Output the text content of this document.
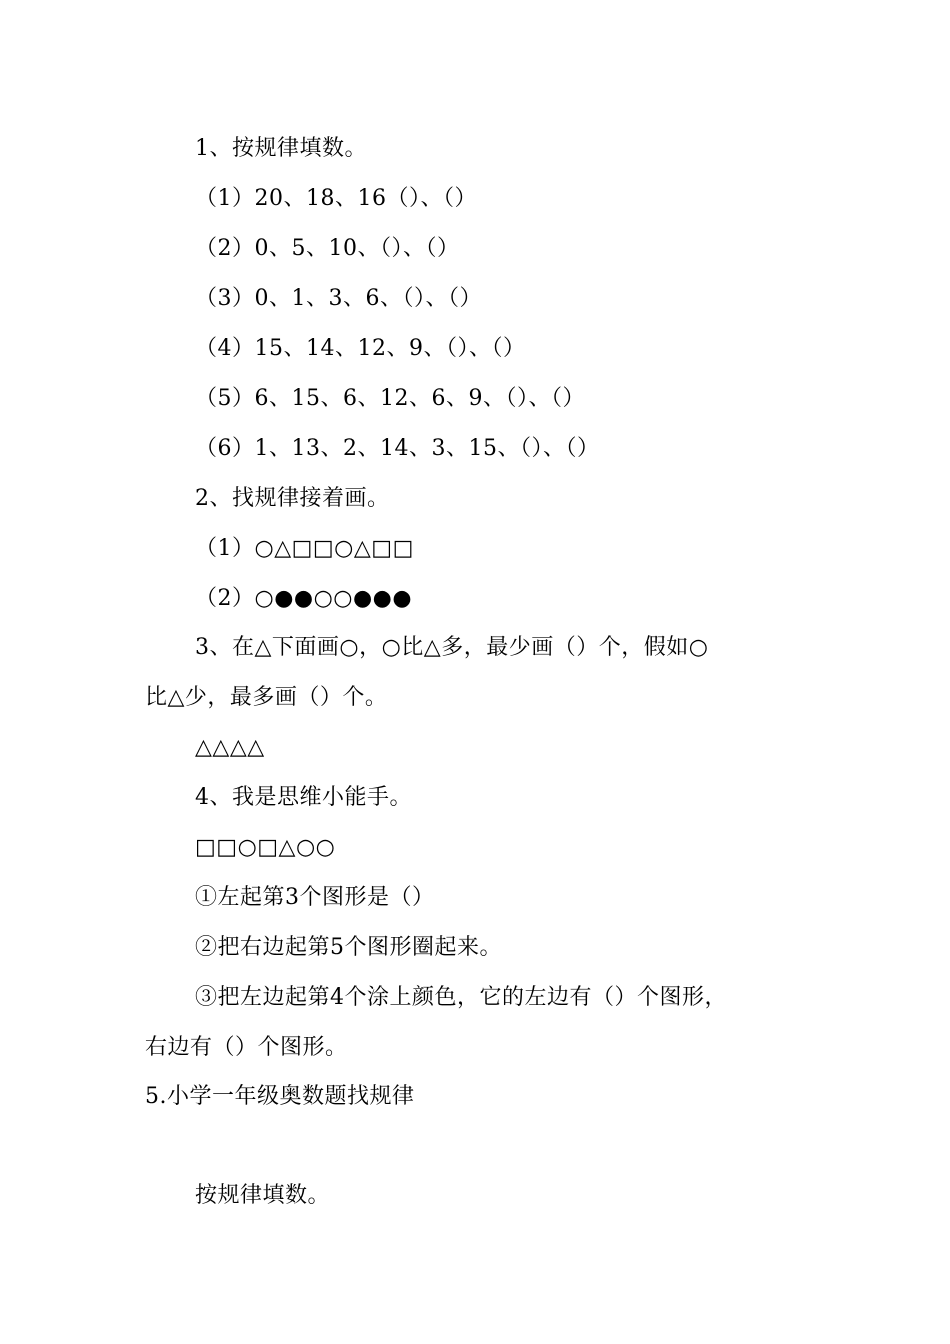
1、按规律填数。
（1）20、18、16（）、（）
（2）0、5、10、（）、（）
（3）0、1、3、6、（）、（）
（4）15、14、12、9、（）、（）
（5）6、15、6、12、6、9、（）、（）
（6）1、13、2、14、3、15、（）、（）
2、找规律接着画。
（1）○△□□○△□□
（2）○●●○○●●●
3、在△下面画○，○比△多，最少画（）个，假如○
比△少，最多画（）个。
△△△△
4、我是思维小能手。
□□○□△○○
①左起第3个图形是（）
②把右边起第5个图形圈起来。
③把左边起第4个涂上颜色，它的左边有（）个图形，
右边有（）个图形。
5.小学一年级奥数题找规律
按规律填数。
